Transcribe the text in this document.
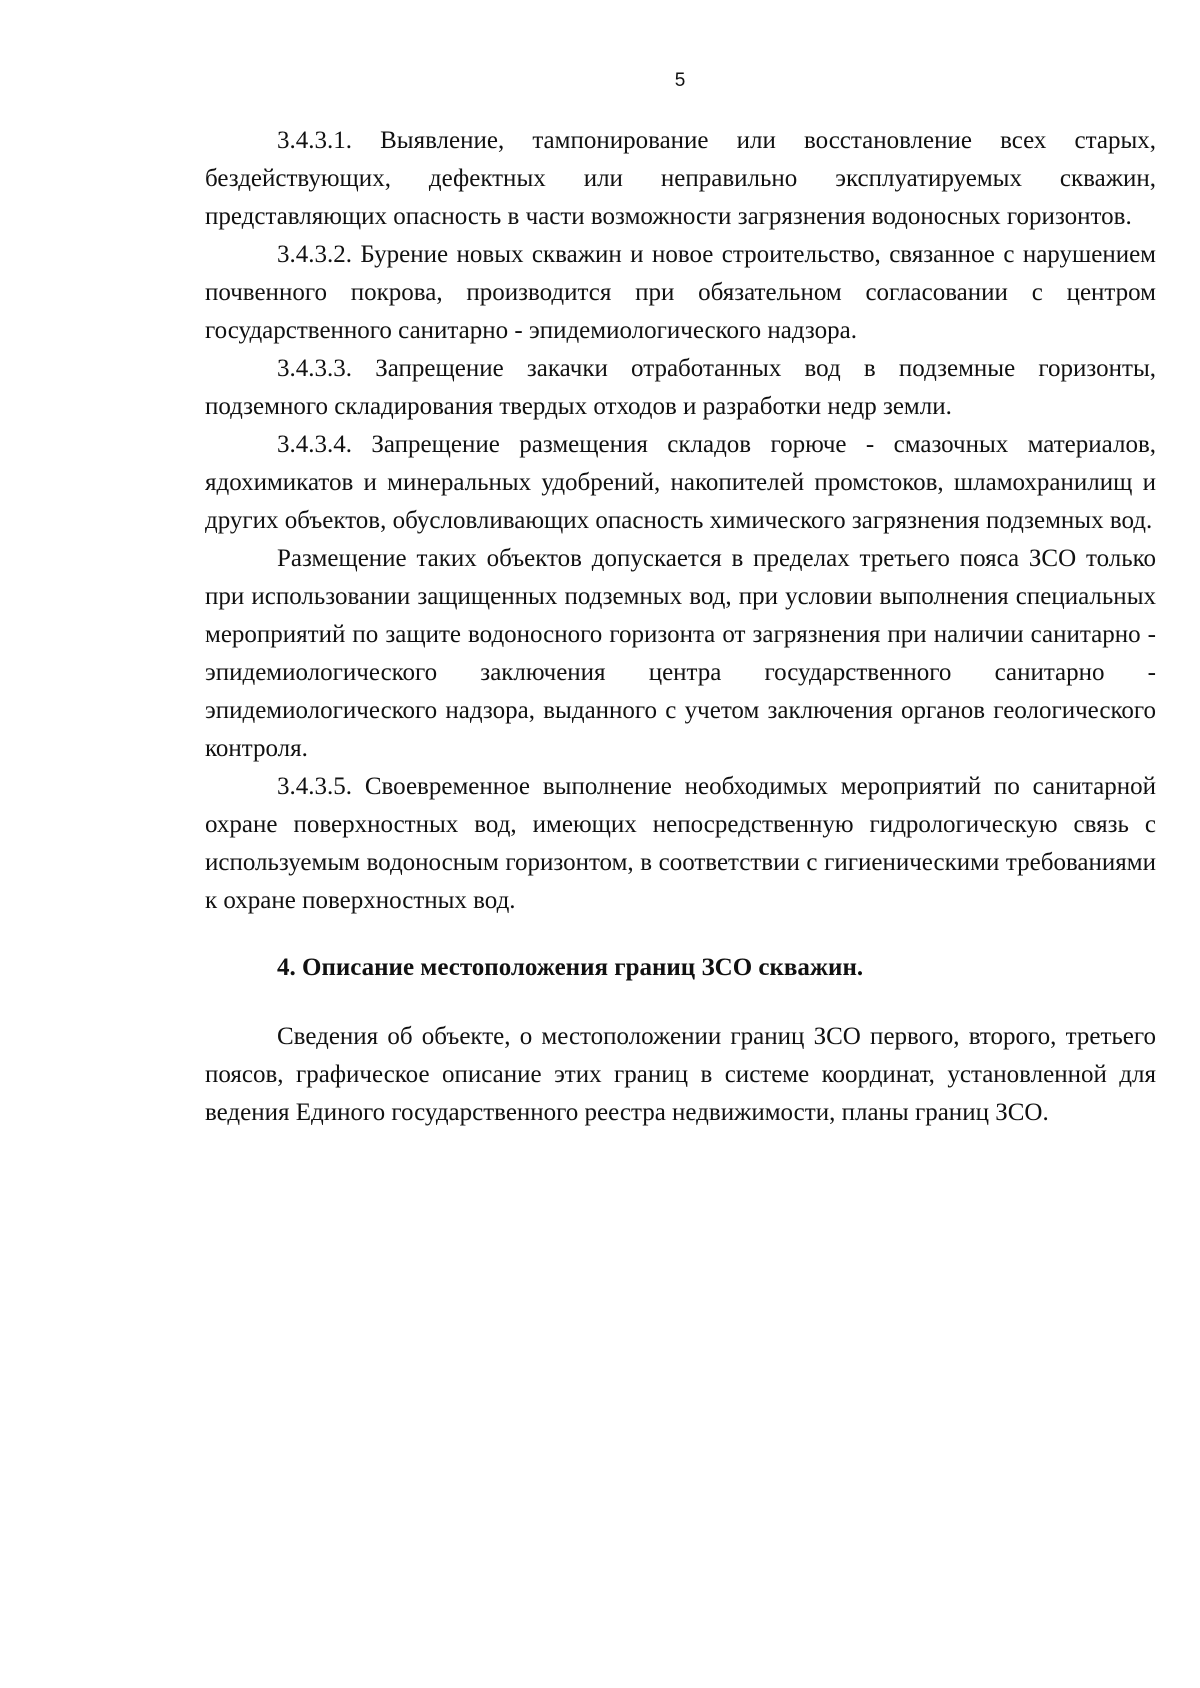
5

3.4.3.1. Выявление, тампонирование или восстановление всех старых, бездействующих, дефектных или неправильно эксплуатируемых скважин, представляющих опасность в части возможности загрязнения водоносных горизонтов.

3.4.3.2. Бурение новых скважин и новое строительство, связанное с нарушением почвенного покрова, производится при обязательном согласовании с центром государственного санитарно - эпидемиологического надзора.

3.4.3.3. Запрещение закачки отработанных вод в подземные горизонты, подземного складирования твердых отходов и разработки недр земли.

3.4.3.4. Запрещение размещения складов горюче - смазочных материалов, ядохимикатов и минеральных удобрений, накопителей промстоков, шламохранилищ и других объектов, обусловливающих опасность химического загрязнения подземных вод.

Размещение таких объектов допускается в пределах третьего пояса ЗСО только при использовании защищенных подземных вод, при условии выполнения специальных мероприятий по защите водоносного горизонта от загрязнения при наличии санитарно - эпидемиологического заключения центра государственного санитарно - эпидемиологического надзора, выданного с учетом заключения органов геологического контроля.

3.4.3.5. Своевременное выполнение необходимых мероприятий по санитарной охране поверхностных вод, имеющих непосредственную гидрологическую связь с используемым водоносным горизонтом, в соответствии с гигиеническими требованиями к охране поверхностных вод.

4. Описание местоположения границ ЗСО скважин.

Сведения об объекте, о местоположении границ ЗСО первого, второго, третьего поясов, графическое описание этих границ в системе координат, установленной для ведения Единого государственного реестра недвижимости, планы границ ЗСО.
